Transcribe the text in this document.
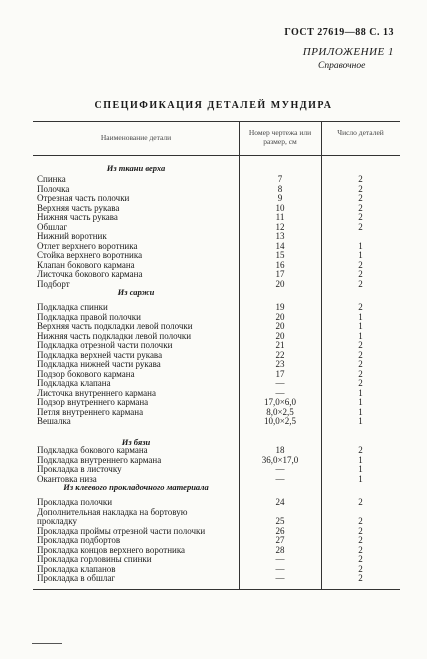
ГОСТ 27619—88 С. 13
ПРИЛОЖЕНИЕ 1
Справочное
СПЕЦИФИКАЦИЯ ДЕТАЛЕЙ МУНДИРА
Наименование детали
Номер чертежа или размер, см
Число деталей
Из ткани верха
Спинка	7	2
Полочка	8	2
Отрезная часть полочки	9	2
Верхняя часть рукава	10	2
Нижняя часть рукава	11	2
Обшлаг	12	2
Нижний воротник	13
Отлет верхнего воротника	14	1
Стойка верхнего воротника	15	1
Клапан бокового кармана	16	2
Листочка бокового кармана	17	2
Подборт	20	2
Из саржи
Подкладка спинки	19	2
Подкладка правой полочки	20	1
Верхняя часть подкладки левой полочки	20	1
Нижняя часть подкладки левой полочки	20	1
Подкладка отрезной части полочки	21	2
Подкладка верхней части рукава	22	2
Подкладка нижней части рукава	23	2
Подзор бокового кармана	17	2
Подкладка клапана	—	2
Листочка внутреннего кармана	—	1
Подзор внутреннего кармана	17,0×6,0	1
Петля внутреннего кармана	8,0×2,5	1
Вешалка	10,0×2,5	1
Из бязи
Подкладка бокового кармана	18	2
Подкладка внутреннего кармана	36,0×17,0	1
Прокладка в листочку	—	1
Окантовка низа	—	1
Из клеевого прокладочного материала
Прокладка полочки	24	2
Дополнительная накладка на бортовую
прокладку	25	2
Прокладка проймы отрезной части полочки	26	2
Прокладка подбортов	27	2
Прокладка концов верхнего воротника	28	2
Прокладка горловины спинки	—	2
Прокладка клапанов	—	2
Прокладка в обшлаг	—	2
